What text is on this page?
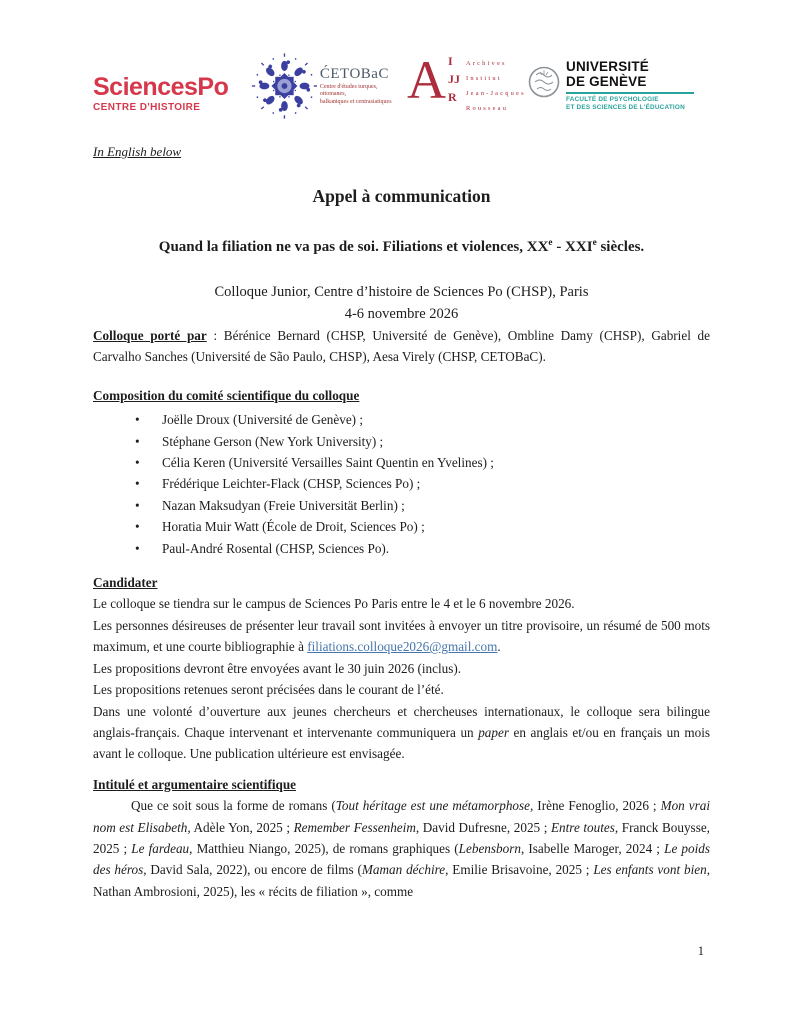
SciencesPo
CENTRE D'HISTOIRE
ĆETOBaC
Centre d'études turques, ottomanes,
balkaniques et centrasiatiques A I
JJ
R
Archives
Institut
Jean-Jacques
Rousseau
UNIVERSITÉ
DE GENÈVE
FACULTÉ DE PSYCHOLOGIE
ET DES SCIENCES DE L'ÉDUCATION
In English below
Appel à communication
Quand la filiation ne va pas de soi. Filiations et violences, XXe - XXIe siècles.
Colloque Junior, Centre d’histoire de Sciences Po (CHSP), Paris
4-6 novembre 2026

Colloque porté par : Bérénice Bernard (CHSP, Université de Genève), Ombline Damy (CHSP), Gabriel de Carvalho Sanches (Université de São Paulo, CHSP), Aesa Virely (CHSP, CETOBaC).

Composition du comité scientifique du colloque

• Joëlle Droux (Université de Genève) ;
• Stéphane Gerson (New York University) ;
• Célia Keren (Université Versailles Saint Quentin en Yvelines) ;
• Frédérique Leichter-Flack (CHSP, Sciences Po) ;
• Nazan Maksudyan (Freie Universität Berlin) ;
• Horatia Muir Watt (École de Droit, Sciences Po) ;
• Paul-André Rosental (CHSP, Sciences Po).

Candidater

Le colloque se tiendra sur le campus de Sciences Po Paris entre le 4 et le 6 novembre 2026.

Les personnes désireuses de présenter leur travail sont invitées à envoyer un titre provisoire, un résumé de 500 mots maximum, et une courte bibliographie à filiations.colloque2026@gmail.com.

Les propositions devront être envoyées avant le 30 juin 2026 (inclus).

Les propositions retenues seront précisées dans le courant de l’été.

Dans une volonté d’ouverture aux jeunes chercheurs et chercheuses internationaux, le colloque sera bilingue anglais-français. Chaque intervenant et intervenante communiquera un paper en anglais et/ou en français un mois avant le colloque. Une publication ultérieure est envisagée.

Intitulé et argumentaire scientifique

Que ce soit sous la forme de romans (Tout héritage est une métamorphose, Irène Fenoglio, 2026 ; Mon vrai nom est Elisabeth, Adèle Yon, 2025 ; Remember Fessenheim, David Dufresne, 2025 ; Entre toutes, Franck Bouysse, 2025 ; Le fardeau, Matthieu Niango, 2025), de romans graphiques (Lebensborn, Isabelle Maroger, 2024 ; Le poids des héros, David Sala, 2022), ou encore de films (Maman déchire, Emilie Brisavoine, 2025 ; Les enfants vont bien, Nathan Ambrosioni, 2025), les « récits de filiation », comme

1
